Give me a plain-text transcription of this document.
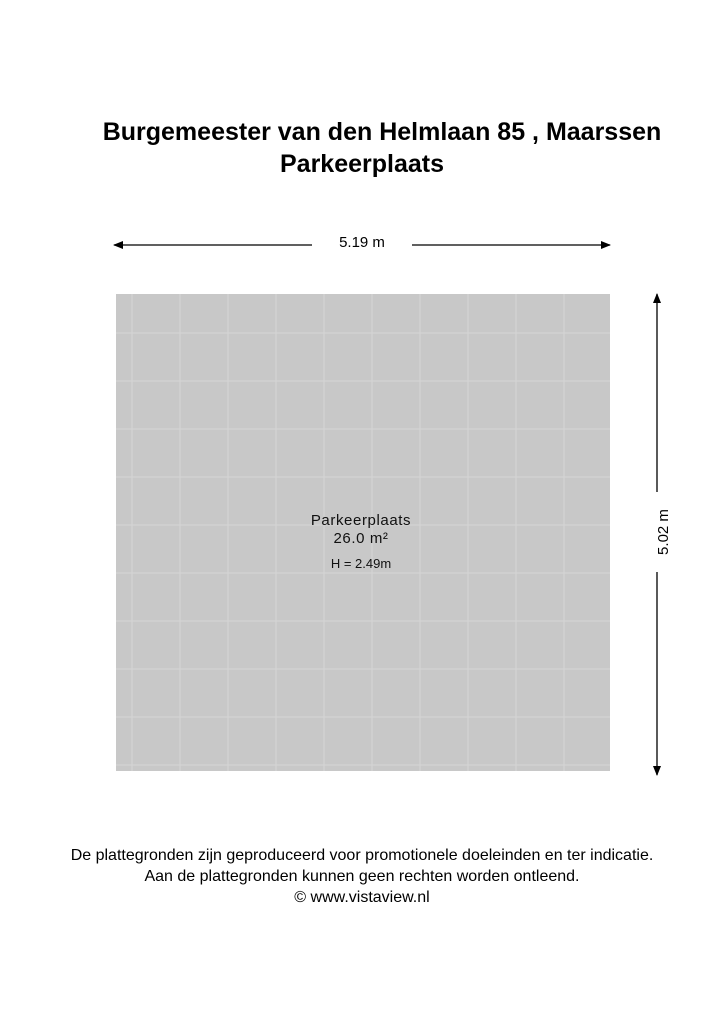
Burgemeester van den Helmlaan 85 , Maarssen
Parkeerplaats
5.19 m
5.02 m
Parkeerplaats
26.0 m²
H = 2.49m
De plattegronden zijn geproduceerd voor promotionele doeleinden en ter indicatie.
Aan de plattegronden kunnen geen rechten worden ontleend.
© www.vistaview.nl
